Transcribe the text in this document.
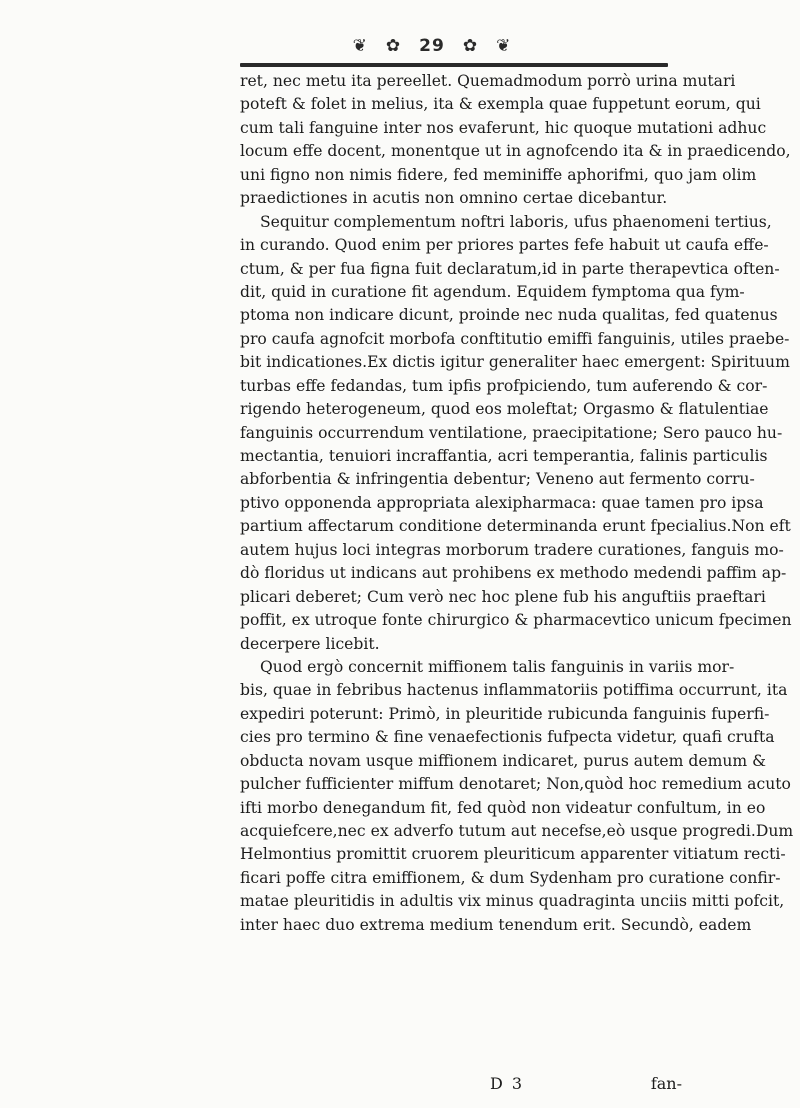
❦ ✿ 29 ✿ ❦
ret, nec metu ita pereellet. Quemadmodum porrò urina mutari
poteft & folet in melius, ita & exempla quae fuppetunt eorum, qui
cum tali fanguine inter nos evaferunt, hic quoque mutationi adhuc
locum effe docent, monentque ut in agnofcendo ita & in praedicendo,
uni figno non nimis fidere, fed meminiffe aphorifmi, quo jam olim
praedictiones in acutis non omnino certae dicebantur.
Sequitur complementum noftri laboris, ufus phaenomeni tertius,
in curando. Quod enim per priores partes fefe habuit ut caufa effe-
ctum, & per fua figna fuit declaratum,id in parte therapevtica often-
dit, quid in curatione fit agendum. Equidem fymptoma qua fym-
ptoma non indicare dicunt, proinde nec nuda qualitas, fed quatenus
pro caufa agnofcit morbofa conftitutio emiffi fanguinis, utiles praebe-
bit indicationes.Ex dictis igitur generaliter haec emergent: Spirituum
turbas effe fedandas, tum ipfis profpiciendo, tum auferendo & cor-
rigendo heterogeneum, quod eos moleftat; Orgasmo & flatulentiae
fanguinis occurrendum ventilatione, praecipitatione; Sero pauco hu-
mectantia, tenuiori incraffantia, acri temperantia, falinis particulis
abforbentia & infringentia debentur; Veneno aut fermento corru-
ptivo opponenda appropriata alexipharmaca: quae tamen pro ipsa
partium affectarum conditione determinanda erunt fpecialius.Non eft
autem hujus loci integras morborum tradere curationes, fanguis mo-
dò floridus ut indicans aut prohibens ex methodo medendi paffim ap-
plicari deberet; Cum verò nec hoc plene fub his anguftiis praeftari
poffit, ex utroque fonte chirurgico & pharmacevtico unicum fpecimen
decerpere licebit.
Quod ergò concernit miffionem talis fanguinis in variis mor-
bis, quae in febribus hactenus inflammatoriis potiffima occurrunt, ita
expediri poterunt: Primò, in pleuritide rubicunda fanguinis fuperfi-
cies pro termino & fine venaefectionis fufpecta videtur, quafi crufta
obducta novam usque miffionem indicaret, purus autem demum &
pulcher fufficienter miffum denotaret; Non,quòd hoc remedium acuto
ifti morbo denegandum fit, fed quòd non videatur confultum, in eo
acquiefcere,nec ex adverfo tutum aut necefse,eò usque progredi.Dum
Helmontius promittit cruorem pleuriticum apparenter vitiatum recti-
ficari poffe citra emiffionem, & dum Sydenham pro curatione confir-
matae pleuritidis in adultis vix minus quadraginta unciis mitti pofcit,
inter haec duo extrema medium tenendum erit. Secundò, eadem
D 3	fan-
